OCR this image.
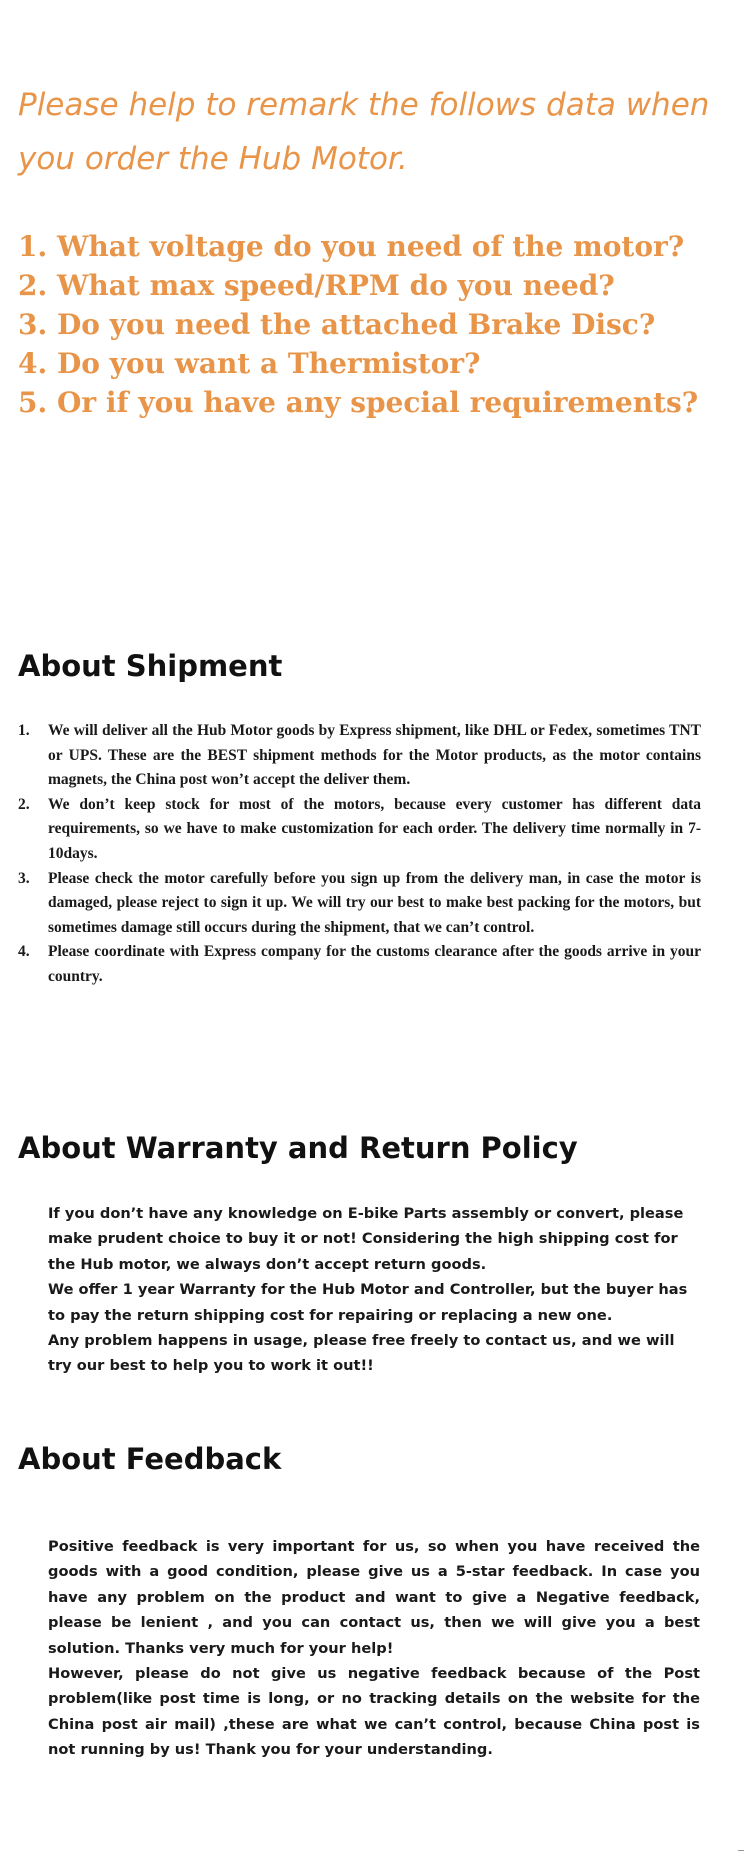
Please help to remark the follows data when you order the Hub Motor.
1. What voltage do you need of the motor?
2. What max speed/RPM do you need?
3. Do you need the attached Brake Disc?
4. Do you want a Thermistor?
5. Or if you have any special requirements?
About Shipment
1.	We will deliver all the Hub Motor goods by Express shipment, like DHL or Fedex, sometimes TNT or UPS. These are the BEST shipment methods for the Motor products, as the motor contains magnets, the China post won’t accept the deliver them.
2.	We don’t keep stock for most of the motors, because every customer has different data requirements, so we have to make customization for each order. The delivery time normally in 7-10days.
3.	Please check the motor carefully before you sign up from the delivery man, in case the motor is damaged, please reject to sign it up. We will try our best to make best packing for the motors, but sometimes damage still occurs during the shipment, that we can’t control.
4.	Please coordinate with Express company for the customs clearance after the goods arrive in your country.
About Warranty and Return Policy

If you don’t have any knowledge on E-bike Parts assembly or convert, please make prudent choice to buy it or not! Considering the high shipping cost for the Hub motor, we always don’t accept return goods.

We offer 1 year Warranty for the Hub Motor and Controller, but the buyer has to pay the return shipping cost for repairing or replacing a new one.

Any problem happens in usage, please free freely to contact us, and we will try our best to help you to work it out!!

About Feedback

Positive feedback is very important for us, so when you have received the goods with a good condition, please give us a 5-star feedback. In case you have any problem on the product and want to give a Negative feedback, please be lenient , and you can contact us, then we will give you a best solution. Thanks very much for your help!

However, please do not give us negative feedback because of the Post problem(like post time is long, or no tracking details on the website for the China post air mail) ,these are what we can’t control, because China post is not running by us! Thank you for your understanding.
